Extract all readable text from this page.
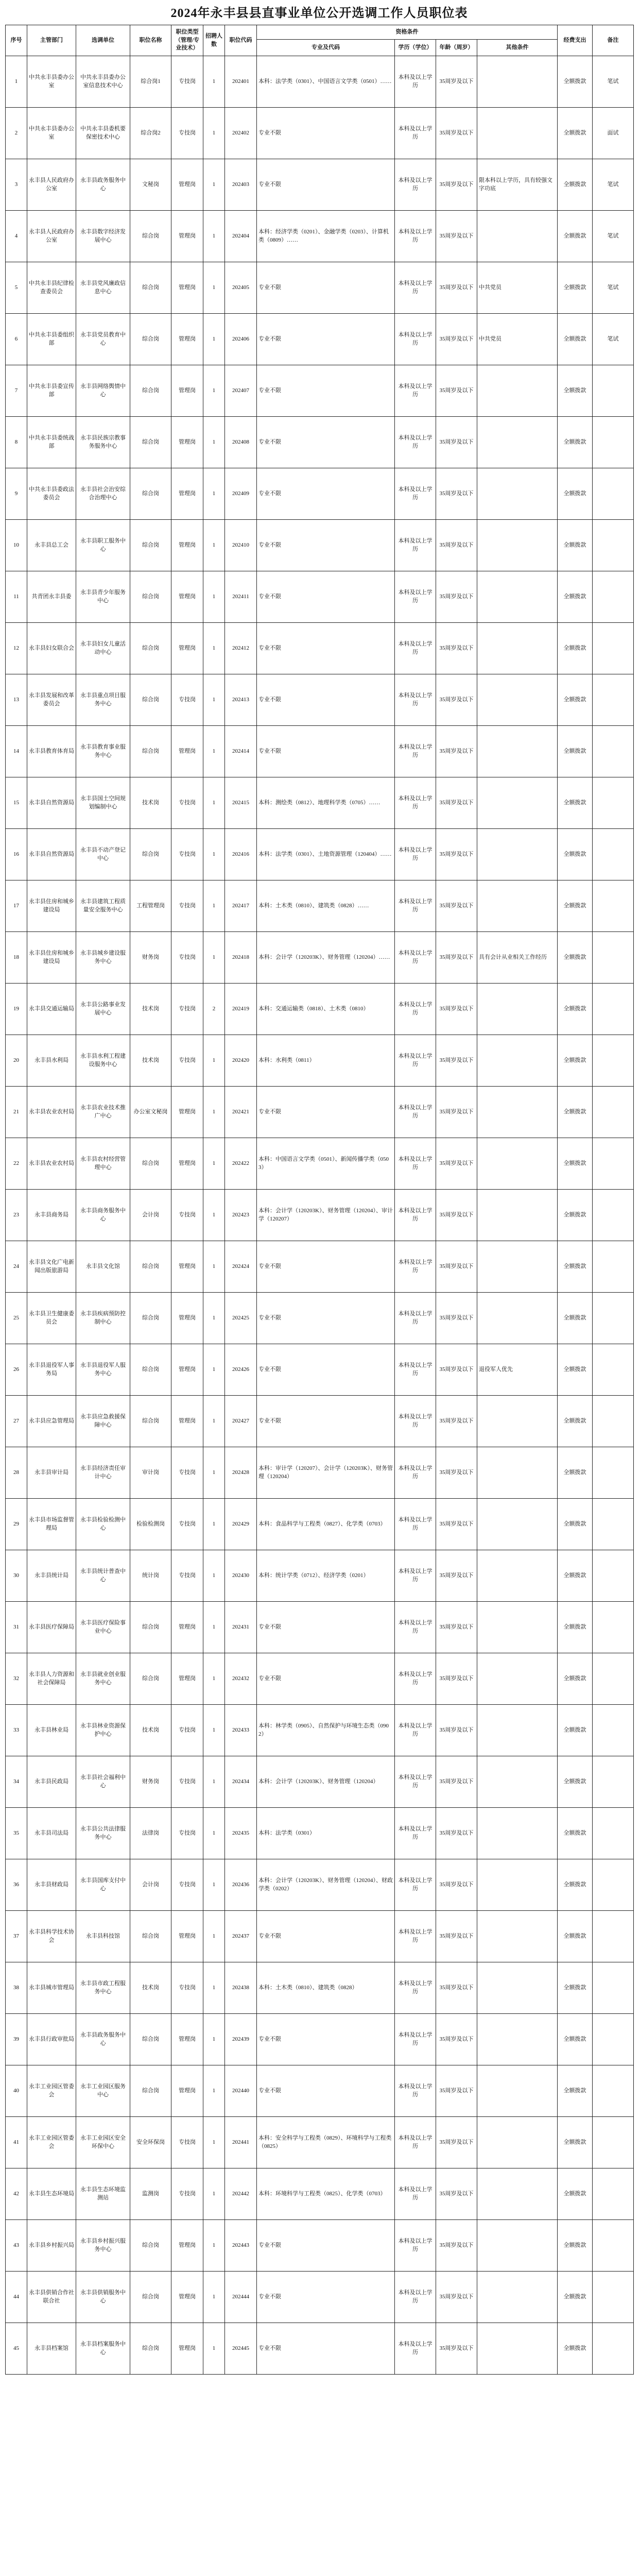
2024年永丰县县直事业单位公开选调工作人员职位表
序号	主管部门	选调单位	职位名称	职位类型（管理/专业技术）	招聘人数	职位代码	资格条件				经费支出	备注
							专业及代码	学历（学位）	年龄（周岁）	其他条件		
1	中共永丰县委办公室	中共永丰县委办公室信息技术中心	综合岗1	专技岗	1	202401	本科：法学类（0301）、中国语言文学类（0501）……	本科及以上学历	35周岁及以下		全额拨款	笔试
2	中共永丰县委办公室	中共永丰县委机要保密技术中心	综合岗2	专技岗	1	202402	专业不限	本科及以上学历	35周岁及以下		全额拨款	面试
3	永丰县人民政府办公室	永丰县政务服务中心	文秘岗	管理岗	1	202403	专业不限	本科及以上学历	35周岁及以下	限本科以上学历，具有较强文字功底	全额拨款	笔试
4	永丰县人民政府办公室	永丰县数字经济发展中心	综合岗	管理岗	1	202404	本科：经济学类（0201）、金融学类（0203）、计算机类（0809）……	本科及以上学历	35周岁及以下		全额拨款	笔试
5	中共永丰县纪律检查委员会	永丰县党风廉政信息中心	综合岗	管理岗	1	202405	专业不限	本科及以上学历	35周岁及以下	中共党员	全额拨款	笔试
6	中共永丰县委组织部	永丰县党员教育中心	综合岗	管理岗	1	202406	专业不限	本科及以上学历	35周岁及以下	中共党员	全额拨款	笔试
7	中共永丰县委宣传部	永丰县网络舆情中心	综合岗	管理岗	1	202407	专业不限	本科及以上学历	35周岁及以下		全额拨款	
8	中共永丰县委统战部	永丰县民族宗教事务服务中心	综合岗	管理岗	1	202408	专业不限	本科及以上学历	35周岁及以下		全额拨款	
9	中共永丰县委政法委员会	永丰县社会治安综合治理中心	综合岗	管理岗	1	202409	专业不限	本科及以上学历	35周岁及以下		全额拨款	
10	永丰县总工会	永丰县职工服务中心	综合岗	管理岗	1	202410	专业不限	本科及以上学历	35周岁及以下		全额拨款	
11	共青团永丰县委	永丰县青少年服务中心	综合岗	管理岗	1	202411	专业不限	本科及以上学历	35周岁及以下		全额拨款	
12	永丰县妇女联合会	永丰县妇女儿童活动中心	综合岗	管理岗	1	202412	专业不限	本科及以上学历	35周岁及以下		全额拨款	
13	永丰县发展和改革委员会	永丰县重点项目服务中心	综合岗	专技岗	1	202413	专业不限	本科及以上学历	35周岁及以下		全额拨款	
14	永丰县教育体育局	永丰县教育事业服务中心	综合岗	管理岗	1	202414	专业不限	本科及以上学历	35周岁及以下		全额拨款	
15	永丰县自然资源局	永丰县国土空间规划编制中心	技术岗	专技岗	1	202415	本科：测绘类（0812）、地理科学类（0705）……	本科及以上学历	35周岁及以下		全额拨款	
16	永丰县自然资源局	永丰县不动产登记中心	综合岗	专技岗	1	202416	本科：法学类（0301）、土地资源管理（120404）……	本科及以上学历	35周岁及以下		全额拨款	
17	永丰县住房和城乡建设局	永丰县建筑工程质量安全服务中心	工程管理岗	专技岗	1	202417	本科：土木类（0810）、建筑类（0828）……	本科及以上学历	35周岁及以下		全额拨款	
18	永丰县住房和城乡建设局	永丰县城乡建设服务中心	财务岗	专技岗	1	202418	本科：会计学（120203K）、财务管理（120204）……	本科及以上学历	35周岁及以下	具有会计从业相关工作经历	全额拨款	
19	永丰县交通运输局	永丰县公路事业发展中心	技术岗	专技岗	2	202419	本科：交通运输类（0818）、土木类（0810）	本科及以上学历	35周岁及以下		全额拨款	
20	永丰县水利局	永丰县水利工程建设服务中心	技术岗	专技岗	1	202420	本科：水利类（0811）	本科及以上学历	35周岁及以下		全额拨款	
21	永丰县农业农村局	永丰县农业技术推广中心	办公室文秘岗	管理岗	1	202421	专业不限	本科及以上学历	35周岁及以下		全额拨款	
22	永丰县农业农村局	永丰县农村经营管理中心	综合岗	管理岗	1	202422	本科：中国语言文学类（0501）、新闻传播学类（0503）	本科及以上学历	35周岁及以下		全额拨款	
23	永丰县商务局	永丰县商务服务中心	会计岗	专技岗	1	202423	本科：会计学（120203K）、财务管理（120204）、审计学（120207）	本科及以上学历	35周岁及以下		全额拨款	
24	永丰县文化广电新闻出版旅游局	永丰县文化馆	综合岗	管理岗	1	202424	专业不限	本科及以上学历	35周岁及以下		全额拨款	
25	永丰县卫生健康委员会	永丰县疾病预防控制中心	综合岗	管理岗	1	202425	专业不限	本科及以上学历	35周岁及以下		全额拨款	
26	永丰县退役军人事务局	永丰县退役军人服务中心	综合岗	管理岗	1	202426	专业不限	本科及以上学历	35周岁及以下	退役军人优先	全额拨款	
27	永丰县应急管理局	永丰县应急救援保障中心	综合岗	管理岗	1	202427	专业不限	本科及以上学历	35周岁及以下		全额拨款	
28	永丰县审计局	永丰县经济责任审计中心	审计岗	专技岗	1	202428	本科：审计学（120207）、会计学（120203K）、财务管理（120204）	本科及以上学历	35周岁及以下		全额拨款	
29	永丰县市场监督管理局	永丰县检验检测中心	检验检测岗	专技岗	1	202429	本科：食品科学与工程类（0827）、化学类（0703）	本科及以上学历	35周岁及以下		全额拨款	
30	永丰县统计局	永丰县统计普查中心	统计岗	专技岗	1	202430	本科：统计学类（0712）、经济学类（0201）	本科及以上学历	35周岁及以下		全额拨款	
31	永丰县医疗保障局	永丰县医疗保险事业中心	综合岗	管理岗	1	202431	专业不限	本科及以上学历	35周岁及以下		全额拨款	
32	永丰县人力资源和社会保障局	永丰县就业创业服务中心	综合岗	管理岗	1	202432	专业不限	本科及以上学历	35周岁及以下		全额拨款	
33	永丰县林业局	永丰县林业资源保护中心	技术岗	专技岗	1	202433	本科：林学类（0905）、自然保护与环境生态类（0902）	本科及以上学历	35周岁及以下		全额拨款	
34	永丰县民政局	永丰县社会福利中心	财务岗	专技岗	1	202434	本科：会计学（120203K）、财务管理（120204）	本科及以上学历	35周岁及以下		全额拨款	
35	永丰县司法局	永丰县公共法律服务中心	法律岗	专技岗	1	202435	本科：法学类（0301）	本科及以上学历	35周岁及以下		全额拨款	
36	永丰县财政局	永丰县国库支付中心	会计岗	专技岗	1	202436	本科：会计学（120203K）、财务管理（120204）、财政学类（0202）	本科及以上学历	35周岁及以下		全额拨款	
37	永丰县科学技术协会	永丰县科技馆	综合岗	管理岗	1	202437	专业不限	本科及以上学历	35周岁及以下		全额拨款	
38	永丰县城市管理局	永丰县市政工程服务中心	技术岗	专技岗	1	202438	本科：土木类（0810）、建筑类（0828）	本科及以上学历	35周岁及以下		全额拨款	
39	永丰县行政审批局	永丰县政务服务中心	综合岗	管理岗	1	202439	专业不限	本科及以上学历	35周岁及以下		全额拨款	
40	永丰工业园区管委会	永丰工业园区服务中心	综合岗	管理岗	1	202440	专业不限	本科及以上学历	35周岁及以下		全额拨款	
41	永丰工业园区管委会	永丰工业园区安全环保中心	安全环保岗	专技岗	1	202441	本科：安全科学与工程类（0829）、环境科学与工程类（0825）	本科及以上学历	35周岁及以下		全额拨款	
42	永丰县生态环境局	永丰县生态环境监测站	监测岗	专技岗	1	202442	本科：环境科学与工程类（0825）、化学类（0703）	本科及以上学历	35周岁及以下		全额拨款	
43	永丰县乡村振兴局	永丰县乡村振兴服务中心	综合岗	管理岗	1	202443	专业不限	本科及以上学历	35周岁及以下		全额拨款	
44	永丰县供销合作社联合社	永丰县供销服务中心	综合岗	管理岗	1	202444	专业不限	本科及以上学历	35周岁及以下		全额拨款	
45	永丰县档案馆	永丰县档案服务中心	综合岗	管理岗	1	202445	专业不限	本科及以上学历	35周岁及以下		全额拨款	
